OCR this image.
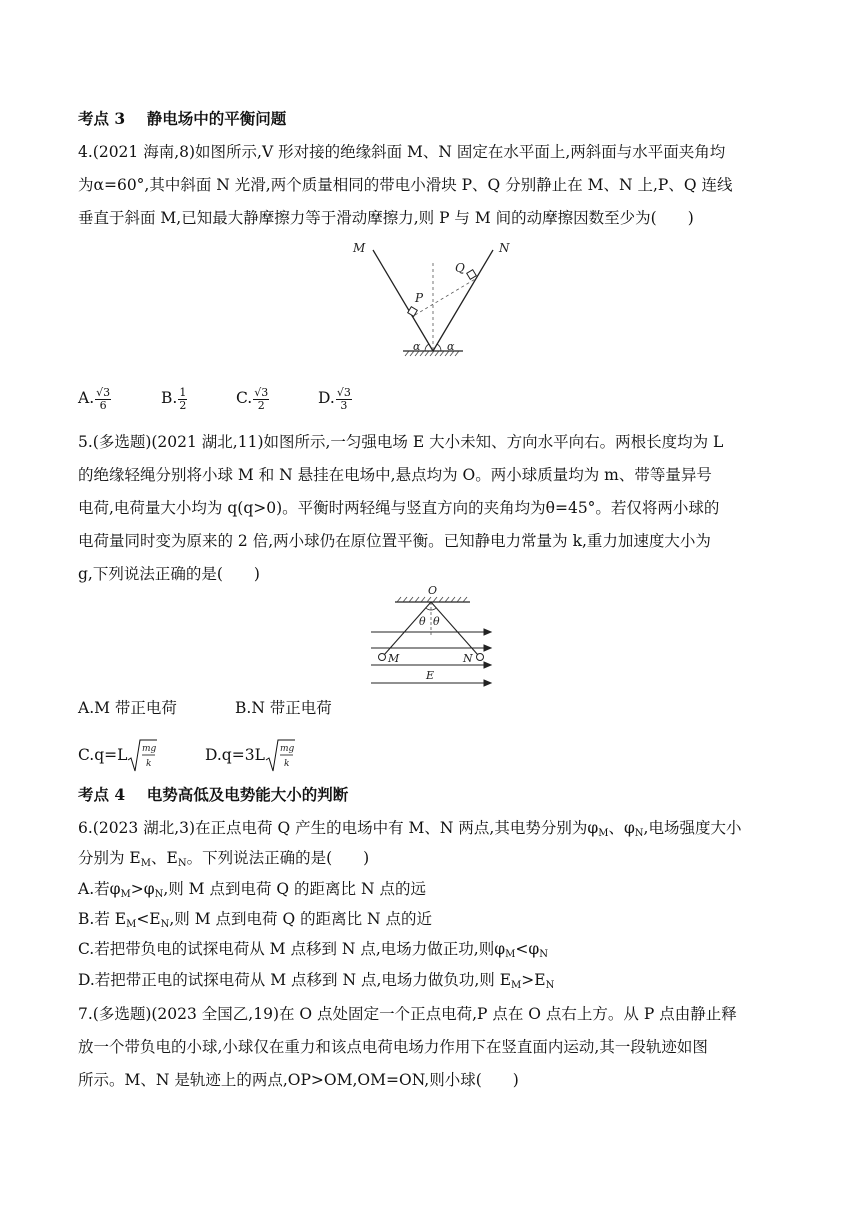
考点 3 静电场中的平衡问题
4.(2021 海南,8)如图所示,V 形对接的绝缘斜面 M、N 固定在水平面上,两斜面与水平面夹角均
为α=60°,其中斜面 N 光滑,两个质量相同的带电小滑块 P、Q 分别静止在 M、N 上,P、Q 连线
垂直于斜面 M,已知最大静摩擦力等于滑动摩擦力,则 P 与 M 间的动摩擦因数至少为(　　)
M	N
P
Q
α α
A. $\frac{√3}{6}$	B. $\frac{1}{2}$	C. $\frac{√3}{2}$	D. $\frac{√3}{3}$
5.(多选题)(2021 湖北,11)如图所示,一匀强电场 E 大小未知、方向水平向右。两根长度均为 L
的绝缘轻绳分别将小球 M 和 N 悬挂在电场中,悬点均为 O。两小球质量均为 m、带等量异号
电荷,电荷量大小均为 q(q>0)。平衡时两轻绳与竖直方向的夹角均为θ=45°。若仅将两小球的
电荷量同时变为原来的 2 倍,两小球仍在原位置平衡。已知静电力常量为 k,重力加速度大小为
g,下列说法正确的是(　　)
O
θ θ
M	N
E
A.M 带正电荷	B.N 带正电荷
C.q=L mg
k	D.q=3L mg
k
考点 4 电势高低及电势能大小的判断
6.(2023 湖北,3)在正点电荷 Q 产生的电场中有 M、N 两点,其电势分别为$\varphi_M$、$\varphi_N$,电场强度大小
分别为 $E_M$、$E_N$。下列说法正确的是(　　)
A.若$\varphi_M>\varphi_N$,则 M 点到电荷 Q 的距离比 N 点的远
B.若 $E_M<E_N$,则 M 点到电荷 Q 的距离比 N 点的近
C.若把带负电的试探电荷从 M 点移到 N 点,电场力做正功,则$\varphi_M<\varphi_N$
D.若把带正电的试探电荷从 M 点移到 N 点,电场力做负功,则 $E_M>E_N$
7.(多选题)(2023 全国乙,19)在 O 点处固定一个正点电荷,P 点在 O 点右上方。从 P 点由静止释
放一个带负电的小球,小球仅在重力和该点电荷电场力作用下在竖直面内运动,其一段轨迹如图
所示。M、N 是轨迹上的两点,OP>OM,OM=ON,则小球(　　)
